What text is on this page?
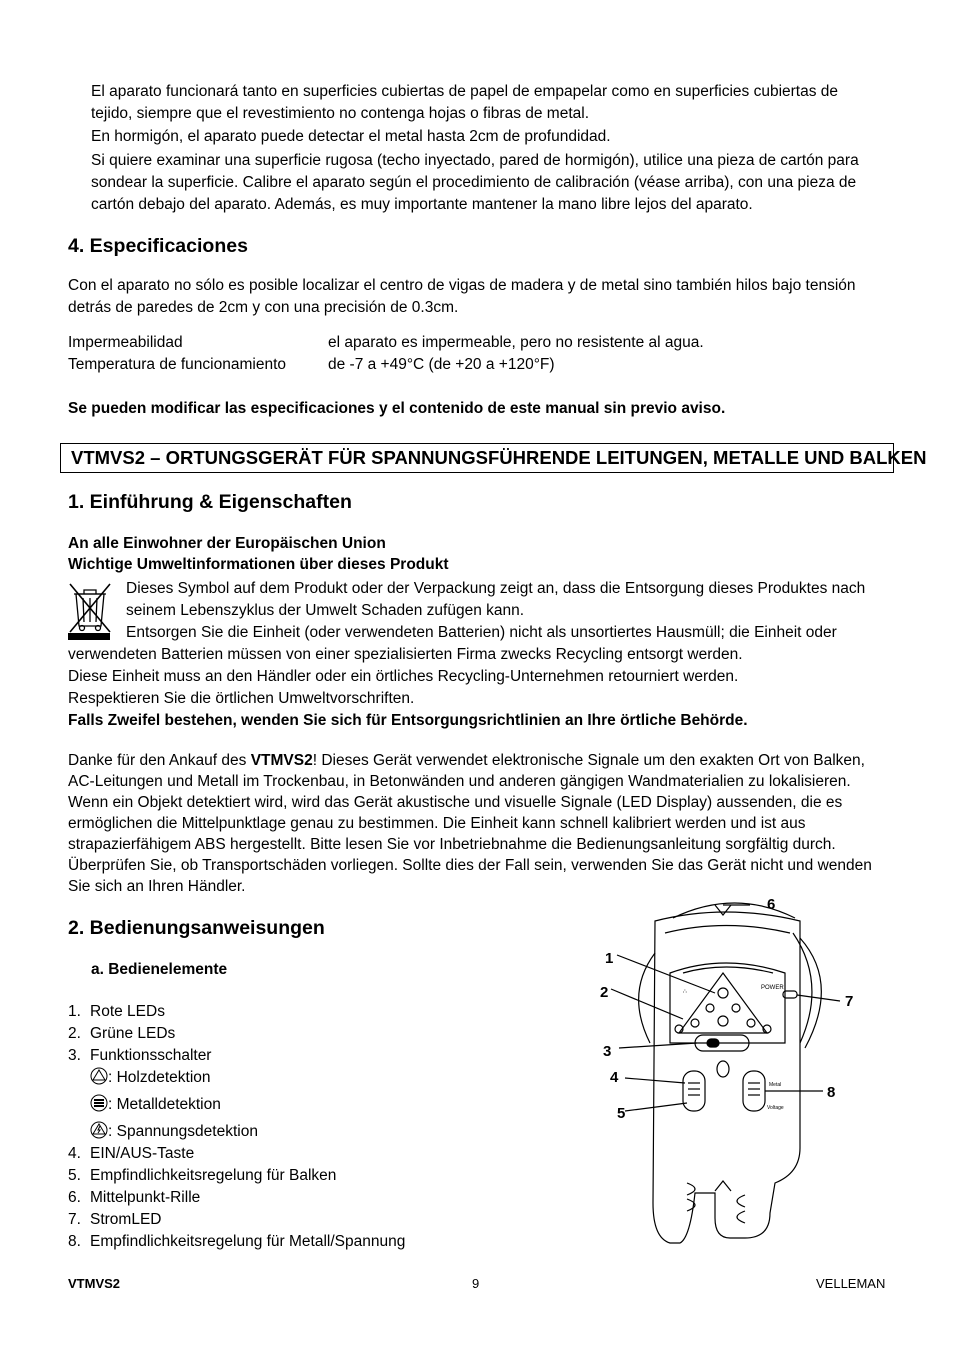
El aparato funcionará tanto en superficies cubiertas de papel de empapelar como en superficies cubiertas de tejido, siempre que el revestimiento no contenga hojas o fibras de metal.

En hormigón, el aparato puede detectar el metal hasta 2cm de profundidad.

Si quiere examinar una superficie rugosa (techo inyectado, pared de hormigón), utilice una pieza de cartón para sondear la superficie. Calibre el aparato según el procedimiento de calibración (véase arriba), con una pieza de cartón debajo del aparato. Además, es muy importante mantener la mano libre lejos del aparato.

4. Especificaciones

Con el aparato no sólo es posible localizar el centro de vigas de madera y de metal sino también hilos bajo tensión detrás de paredes de 2cm y con una precisión de 0.3cm.

Impermeabilidad	el aparato es impermeable, pero no resistente al agua.
Temperatura de funcionamiento	de -7 a +49°C (de +20 a +120°F)
Se pueden modificar las especificaciones y el contenido de este manual sin previo aviso.
VTMVS2 – ORTUNGSGERÄT FÜR SPANNUNGSFÜHRENDE LEITUNGEN, METALLE UND BALKEN
1. Einführung & Eigenschaften
An alle Einwohner der Europäischen Union
Wichtige Umweltinformationen über dieses Produkt

Dieses Symbol auf dem Produkt oder der Verpackung zeigt an, dass die Entsorgung dieses Produktes nach seinem Lebenszyklus der Umwelt Schaden zufügen kann.

Entsorgen Sie die Einheit (oder verwendeten Batterien) nicht als unsortiertes Hausmüll; die Einheit oder
verwendeten Batterien müssen von einer spezialisierten Firma zwecks Recycling entsorgt werden.
Diese Einheit muss an den Händler oder ein örtliches Recycling-Unternehmen retourniert werden.
Respektieren Sie die örtlichen Umweltvorschriften.
Falls Zweifel bestehen, wenden Sie sich für Entsorgungsrichtlinien an Ihre örtliche Behörde.

Danke für den Ankauf des VTMVS2! Dieses Gerät verwendet elektronische Signale um den exakten Ort von Balken, AC-Leitungen und Metall im Trockenbau, in Betonwänden und anderen gängigen Wandmaterialien zu lokalisieren. Wenn ein Objekt detektiert wird, wird das Gerät akustische und visuelle Signale (LED Display) aussenden, die es ermöglichen die Mittelpunktlage genau zu bestimmen. Die Einheit kann schnell kalibriert werden und ist aus strapazierfähigem ABS hergestellt. Bitte lesen Sie vor Inbetriebnahme die Bedienungsanleitung sorgfältig durch. Überprüfen Sie, ob Transportschäden vorliegen. Sollte dies der Fall sein, verwenden Sie das Gerät nicht und wenden Sie sich an Ihren Händler.

2. Bedienungsanweisungen
a. Bedienelemente
1. Rote LEDs
2. Grüne LEDs
3. Funktionsschalter
: Holzdetektion
: Metalldetektion
: Spannungsdetektion
4. EIN/AUS-Taste
5. Empfindlichkeitsregelung für Balken
6. Mittelpunkt-Rille
7. StromLED
8. Empfindlichkeitsregelung für Metall/Spannung
∴
POWER
Metal
Voltage
1
2
3
4
5
6
7
8
VTMVS2	9	VELLEMAN
